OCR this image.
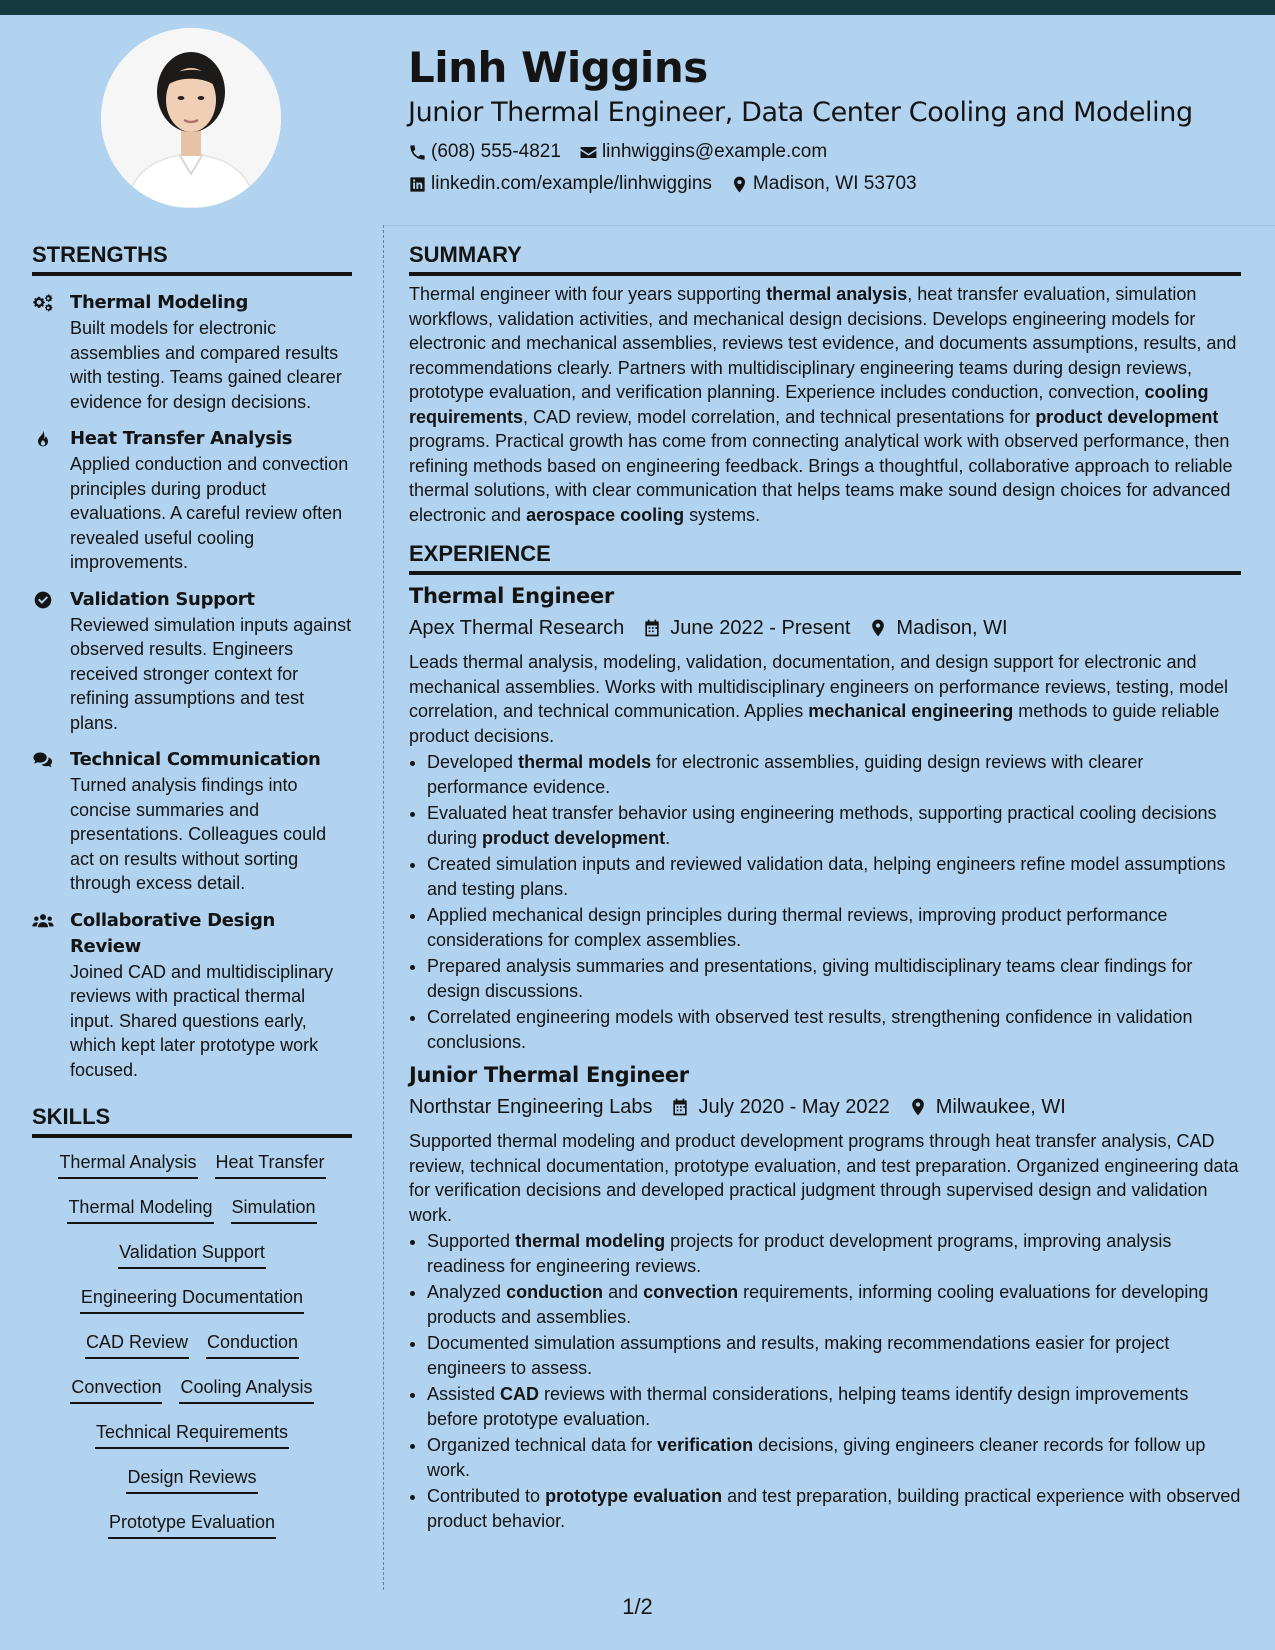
Linh Wiggins
Junior Thermal Engineer, Data Center Cooling and Modeling
(608) 555-4821 linhwiggins@example.com
linkedin.com/example/linhwiggins Madison, WI 53703
STRENGTHS
Thermal Modeling
Built models for electronic assemblies and compared results with testing. Teams gained clearer evidence for design decisions.
Heat Transfer Analysis
Applied conduction and convection principles during product evaluations. A careful review often revealed useful cooling improvements.
Validation Support
Reviewed simulation inputs against observed results. Engineers received stronger context for refining assumptions and test plans.
Technical Communication
Turned analysis findings into concise summaries and presentations. Colleagues could act on results without sorting through excess detail.
Collaborative Design Review
Joined CAD and multidisciplinary reviews with practical thermal input. Shared questions early, which kept later prototype work focused.
SKILLS
Thermal Analysis Heat Transfer
Thermal Modeling Simulation
Validation Support
Engineering Documentation
CAD Review Conduction
Convection Cooling Analysis
Technical Requirements
Design Reviews
Prototype Evaluation
SUMMARY

Thermal engineer with four years supporting thermal analysis, heat transfer evaluation, simulation workflows, validation activities, and mechanical design decisions. Develops engineering models for electronic and mechanical assemblies, reviews test evidence, and documents assumptions, results, and recommendations clearly. Partners with multidisciplinary engineering teams during design reviews, prototype evaluation, and verification planning. Experience includes conduction, convection, cooling requirements, CAD review, model correlation, and technical presentations for product development programs. Practical growth has come from connecting analytical work with observed performance, then refining methods based on engineering feedback. Brings a thoughtful, collaborative approach to reliable thermal solutions, with clear communication that helps teams make sound design choices for advanced electronic and aerospace cooling systems.

EXPERIENCE
Thermal Engineer
Apex Thermal Research June 2022 - Present Madison, WI

Leads thermal analysis, modeling, validation, documentation, and design support for electronic and mechanical assemblies. Works with multidisciplinary engineers on performance reviews, testing, model correlation, and technical communication. Applies mechanical engineering methods to guide reliable product decisions.

• Developed thermal models for electronic assemblies, guiding design reviews with clearer performance evidence.
• Evaluated heat transfer behavior using engineering methods, supporting practical cooling decisions during product development.
• Created simulation inputs and reviewed validation data, helping engineers refine model assumptions and testing plans.
• Applied mechanical design principles during thermal reviews, improving product performance considerations for complex assemblies.
• Prepared analysis summaries and presentations, giving multidisciplinary teams clear findings for design discussions.
• Correlated engineering models with observed test results, strengthening confidence in validation conclusions.
Junior Thermal Engineer
Northstar Engineering Labs July 2020 - May 2022 Milwaukee, WI

Supported thermal modeling and product development programs through heat transfer analysis, CAD review, technical documentation, prototype evaluation, and test preparation. Organized engineering data for verification decisions and developed practical judgment through supervised design and validation work.

• Supported thermal modeling projects for product development programs, improving analysis readiness for engineering reviews.
• Analyzed conduction and convection requirements, informing cooling evaluations for developing products and assemblies.
• Documented simulation assumptions and results, making recommendations easier for project engineers to assess.
• Assisted CAD reviews with thermal considerations, helping teams identify design improvements before prototype evaluation.
• Organized technical data for verification decisions, giving engineers cleaner records for follow up work.
• Contributed to prototype evaluation and test preparation, building practical experience with observed product behavior.
1/2
